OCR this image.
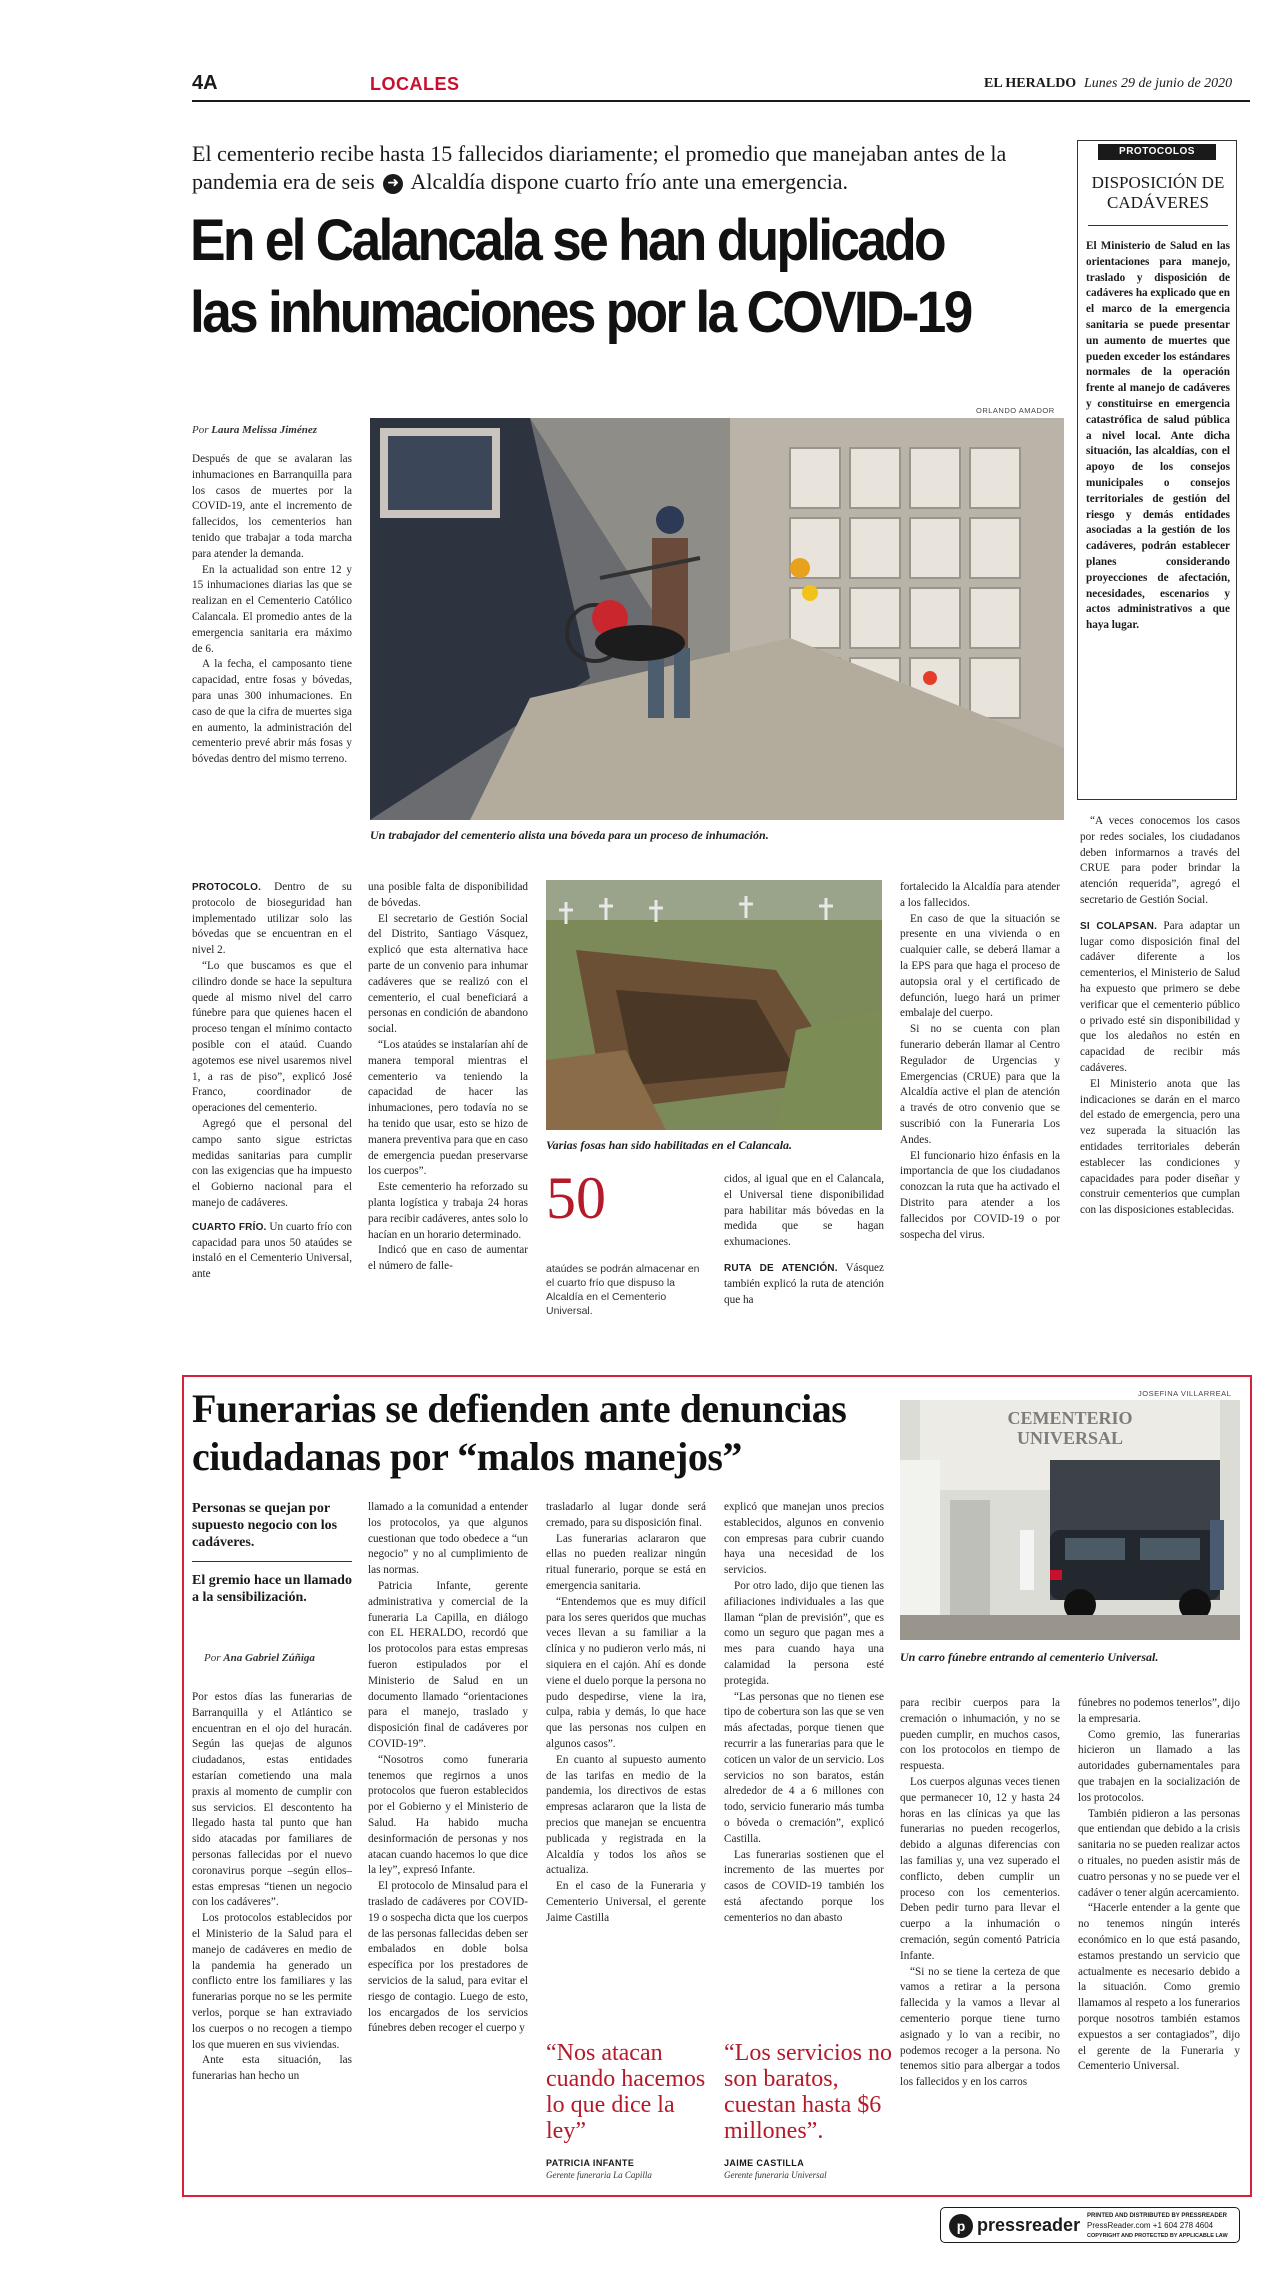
4A	LOCALES	EL HERALDO Lunes 29 de junio de 2020
El cementerio recibe hasta 15 fallecidos diariamente; el promedio que manejaban antes de la pandemia era de seis ➜ Alcaldía dispone cuarto frío ante una emergencia.
En el Calancala se han duplicado
las inhumaciones por la COVID-19
PROTOCOLOS
DISPOSICIÓN DE CADÁVERES
El Ministerio de Salud en las orientaciones para manejo, traslado y disposición de cadáveres ha explicado que en el marco de la emergencia sanitaria se puede presentar un aumento de muertes que pueden exceder los estándares normales de la operación frente al manejo de cadáveres y constituirse en emergencia catastrófica de salud pública a nivel local. Ante dicha situación, las alcaldías, con el apoyo de los consejos municipales o consejos territoriales de gestión del riesgo y demás entidades asociadas a la gestión de los cadáveres, podrán establecer planes considerando proyecciones de afectación, necesidades, escenarios y actos administrativos a que haya lugar.
ORLANDO AMADOR
Un trabajador del cementerio alista una bóveda para un proceso de inhumación.
Por Laura Melissa Jiménez

Después de que se avalaran las inhumaciones en Barranquilla para los casos de muertes por la COVID-19, ante el incremento de fallecidos, los cementerios han tenido que trabajar a toda marcha para atender la demanda.

En la actualidad son entre 12 y 15 inhumaciones diarias las que se realizan en el Cementerio Católico Calancala. El promedio antes de la emergencia sanitaria era máximo de 6.

A la fecha, el camposanto tiene capacidad, entre fosas y bóvedas, para unas 300 inhumaciones. En caso de que la cifra de muertes siga en aumento, la administración del cementerio prevé abrir más fosas y bóvedas dentro del mismo terreno.

PROTOCOLO. Dentro de su protocolo de bioseguridad han implementado utilizar solo las bóvedas que se encuentran en el nivel 2.

“Lo que buscamos es que el cilindro donde se hace la sepultura quede al mismo nivel del carro fúnebre para que quienes hacen el proceso tengan el mínimo contacto posible con el ataúd. Cuando agotemos ese nivel usaremos nivel 1, a ras de piso”, explicó José Franco, coordinador de operaciones del cementerio.

Agregó que el personal del campo santo sigue estrictas medidas sanitarias para cumplir con las exigencias que ha impuesto el Gobierno nacional para el manejo de cadáveres.

CUARTO FRÍO. Un cuarto frío con capacidad para unos 50 ataúdes se instaló en el Cementerio Universal, ante

una posible falta de disponibilidad de bóvedas.

El secretario de Gestión Social del Distrito, Santiago Vásquez, explicó que esta alternativa hace parte de un convenio para inhumar cadáveres que se realizó con el cementerio, el cual beneficiará a personas en condición de abandono social.

“Los ataúdes se instalarían ahí de manera temporal mientras el cementerio va teniendo la capacidad de hacer las inhumaciones, pero todavía no se ha tenido que usar, esto se hizo de manera preventiva para que en caso de emergencia puedan preservarse los cuerpos”.

Este cementerio ha reforzado su planta logística y trabaja 24 horas para recibir cadáveres, antes solo lo hacían en un horario determinado.

Indicó que en caso de aumentar el número de falle-

Varias fosas han sido habilitadas en el Calancala.
50
ataúdes se podrán almacenar en el cuarto frío que dispuso la Alcaldía en el Cementerio Universal.

cidos, al igual que en el Calancala, el Universal tiene disponibilidad para habilitar más bóvedas en la medida que se hagan exhumaciones.

RUTA DE ATENCIÓN. Vásquez también explicó la ruta de atención que ha

fortalecido la Alcaldía para atender a los fallecidos.

En caso de que la situación se presente en una vivienda o en cualquier calle, se deberá llamar a la EPS para que haga el proceso de autopsia oral y el certificado de defunción, luego hará un primer embalaje del cuerpo.

Si no se cuenta con plan funerario deberán llamar al Centro Regulador de Urgencias y Emergencias (CRUE) para que la Alcaldía active el plan de atención a través de otro convenio que se suscribió con la Funeraria Los Andes.

El funcionario hizo énfasis en la importancia de que los ciudadanos conozcan la ruta que ha activado el Distrito para atender a los fallecidos por COVID-19 o por sospecha del virus.

“A veces conocemos los casos por redes sociales, los ciudadanos deben informarnos a través del CRUE para poder brindar la atención requerida”, agregó el secretario de Gestión Social.

SI COLAPSAN. Para adaptar un lugar como disposición final del cadáver diferente a los cementerios, el Ministerio de Salud ha expuesto que primero se debe verificar que el cementerio público o privado esté sin disponibilidad y que los aledaños no estén en capacidad de recibir más cadáveres.

El Ministerio anota que las indicaciones se darán en el marco del estado de emergencia, pero una vez superada la situación las entidades territoriales deberán establecer las condiciones y capacidades para poder diseñar y construir cementerios que cumplan con las disposiciones establecidas.

Funerarias se defienden ante denuncias
ciudadanas por “malos manejos”
Personas se quejan por supuesto negocio con los cadáveres.
El gremio hace un llamado a la sensibilización.
Por Ana Gabriel Zúñiga

Por estos días las funerarias de Barranquilla y el Atlántico se encuentran en el ojo del huracán. Según las quejas de algunos ciudadanos, estas entidades estarían cometiendo una mala praxis al momento de cumplir con sus servicios. El descontento ha llegado hasta tal punto que han sido atacadas por familiares de personas fallecidas por el nuevo coronavirus porque –según ellos– estas empresas “tienen un negocio con los cadáveres”.

Los protocolos establecidos por el Ministerio de la Salud para el manejo de cadáveres en medio de la pandemia ha generado un conflicto entre los familiares y las funerarias porque no se les permite verlos, porque se han extraviado los cuerpos o no recogen a tiempo los que mueren en sus viviendas.

Ante esta situación, las funerarias han hecho un

llamado a la comunidad a entender los protocolos, ya que algunos cuestionan que todo obedece a “un negocio” y no al cumplimiento de las normas.

Patricia Infante, gerente administrativa y comercial de la funeraria La Capilla, en diálogo con EL HERALDO, recordó que los protocolos para estas empresas fueron estipulados por el Ministerio de Salud en un documento llamado “orientaciones para el manejo, traslado y disposición final de cadáveres por COVID-19”.

“Nosotros como funeraria tenemos que regirnos a unos protocolos que fueron establecidos por el Gobierno y el Ministerio de Salud. Ha habido mucha desinformación de personas y nos atacan cuando hacemos lo que dice la ley”, expresó Infante.

El protocolo de Minsalud para el traslado de cadáveres por COVID-19 o sospecha dicta que los cuerpos de las personas fallecidas deben ser embalados en doble bolsa específica por los prestadores de servicios de la salud, para evitar el riesgo de contagio. Luego de esto, los encargados de los servicios fúnebres deben recoger el cuerpo y

trasladarlo al lugar donde será cremado, para su disposición final.

Las funerarias aclararon que ellas no pueden realizar ningún ritual funerario, porque se está en emergencia sanitaria.

“Entendemos que es muy difícil para los seres queridos que muchas veces llevan a su familiar a la clínica y no pudieron verlo más, ni siquiera en el cajón. Ahí es donde viene el duelo porque la persona no pudo despedirse, viene la ira, culpa, rabia y demás, lo que hace que las personas nos culpen en algunos casos”.

En cuanto al supuesto aumento de las tarifas en medio de la pandemia, los directivos de estas empresas aclararon que la lista de precios que manejan se encuentra publicada y registrada en la Alcaldía y todos los años se actualiza.

En el caso de la Funeraria y Cementerio Universal, el gerente Jaime Castilla

explicó que manejan unos precios establecidos, algunos en convenio con empresas para cubrir cuando haya una necesidad de los servicios.

Por otro lado, dijo que tienen las afiliaciones individuales a las que llaman “plan de previsión”, que es como un seguro que pagan mes a mes para cuando haya una calamidad la persona esté protegida.

“Las personas que no tienen ese tipo de cobertura son las que se ven más afectadas, porque tienen que recurrir a las funerarias para que le coticen un valor de un servicio. Los servicios no son baratos, están alrededor de 4 a 6 millones con todo, servicio funerario más tumba o bóveda o cremación”, explicó Castilla.

Las funerarias sostienen que el incremento de las muertes por casos de COVID-19 también los está afectando porque los cementerios no dan abasto

“Nos atacan cuando hacemos lo que dice la ley”
PATRICIA INFANTE
Gerente funeraria La Capilla
“Los servicios no son baratos, cuestan hasta $6 millones”.
JAIME CASTILLA
Gerente funeraria Universal
JOSEFINA VILLARREAL
CEMENTERIO
UNIVERSAL
Un carro fúnebre entrando al cementerio Universal.

para recibir cuerpos para la cremación o inhumación, y no se pueden cumplir, en muchos casos, con los protocolos en tiempo de respuesta.

Los cuerpos algunas veces tienen que permanecer 10, 12 y hasta 24 horas en las clínicas ya que las funerarias no pueden recogerlos, debido a algunas diferencias con las familias y, una vez superado el conflicto, deben cumplir un proceso con los cementerios. Deben pedir turno para llevar el cuerpo a la inhumación o cremación, según comentó Patricia Infante.

“Si no se tiene la certeza de que vamos a retirar a la persona fallecida y la vamos a llevar al cementerio porque tiene turno asignado y lo van a recibir, no podemos recoger a la persona. No tenemos sitio para albergar a todos los fallecidos y en los carros

fúnebres no podemos tenerlos”, dijo la empresaria.

Como gremio, las funerarias hicieron un llamado a las autoridades gubernamentales para que trabajen en la socialización de los protocolos.

También pidieron a las personas que entiendan que debido a la crisis sanitaria no se pueden realizar actos o rituales, no pueden asistir más de cuatro personas y no se puede ver el cadáver o tener algún acercamiento.

“Hacerle entender a la gente que no tenemos ningún interés económico en lo que está pasando, estamos prestando un servicio que actualmente es necesario debido a la situación. Como gremio llamamos al respeto a los funerarios porque nosotros también estamos expuestos a ser contagiados”, dijo el gerente de la Funeraria y Cementerio Universal.

p pressreader PRINTED AND DISTRIBUTED BY PRESSREADER
PressReader.com +1 604 278 4604
COPYRIGHT AND PROTECTED BY APPLICABLE LAW
